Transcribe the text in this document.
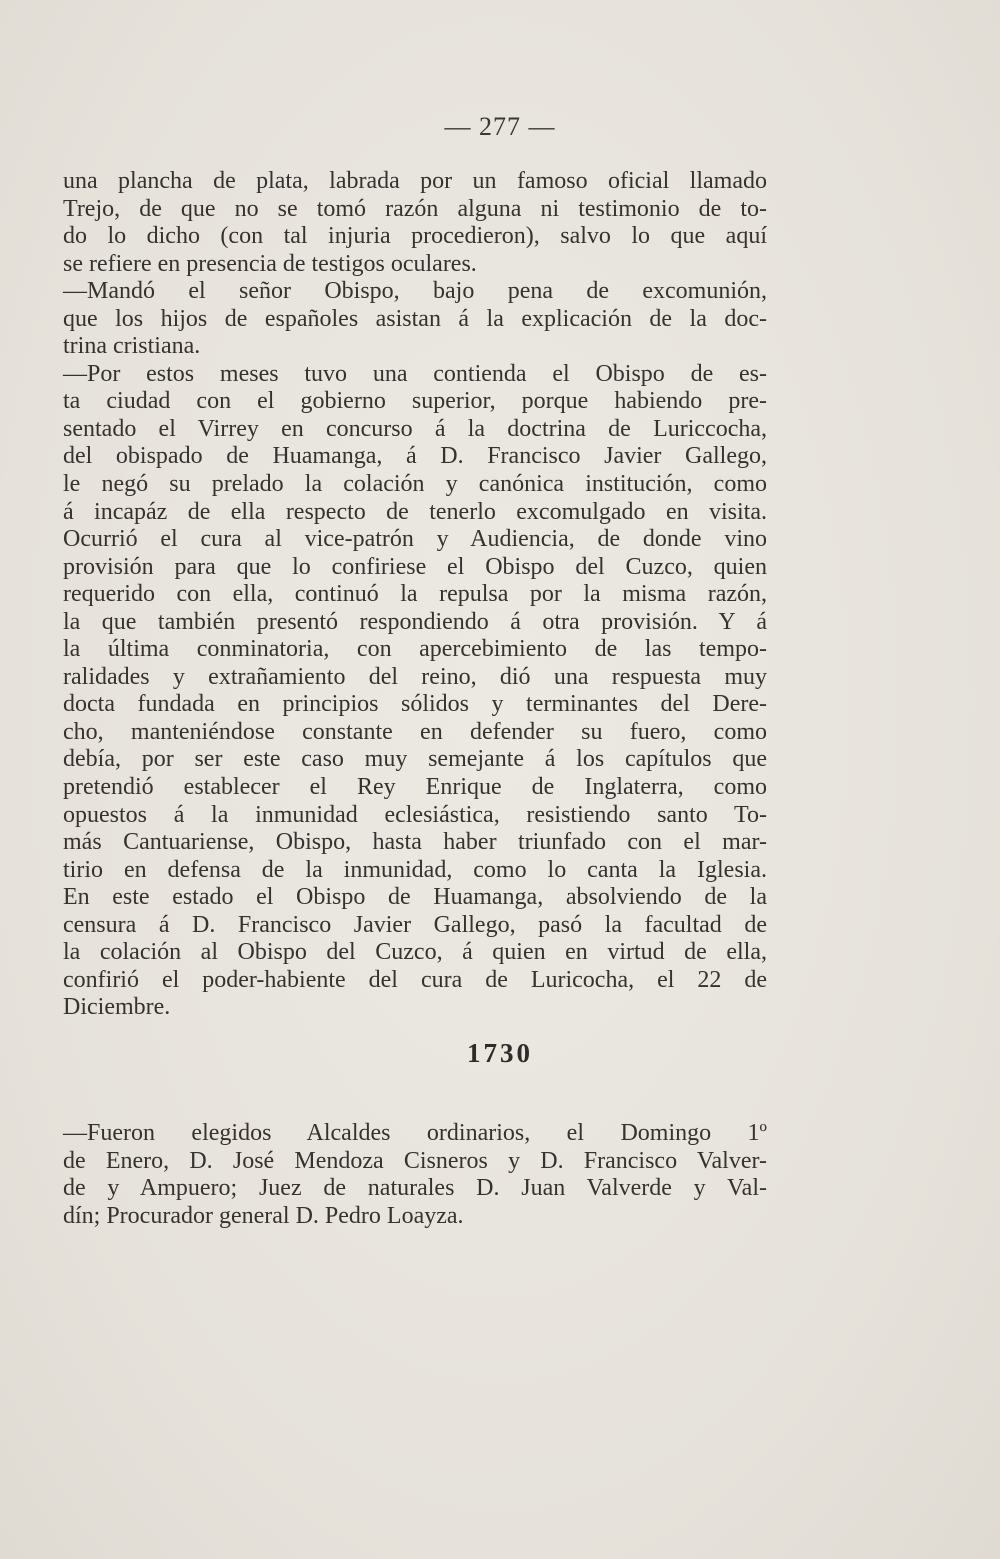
— 277 —
una plancha de plata, labrada por un famoso oficial llamado
Trejo, de que no se tomó razón alguna ni testimonio de to-
do lo dicho (con tal injuria procedieron), salvo lo que aquí
se refiere en presencia de testigos oculares.
—Mandó el señor Obispo, bajo pena de excomunión,
que los hijos de españoles asistan á la explicación de la doc-
trina cristiana.
—Por estos meses tuvo una contienda el Obispo de es-
ta ciudad con el gobierno superior, porque habiendo pre-
sentado el Virrey en concurso á la doctrina de Luriccocha,
del obispado de Huamanga, á D. Francisco Javier Gallego,
le negó su prelado la colación y canónica institución, como
á incapáz de ella respecto de tenerlo excomulgado en visita.
Ocurrió el cura al vice-patrón y Audiencia, de donde vino
provisión para que lo confiriese el Obispo del Cuzco, quien
requerido con ella, continuó la repulsa por la misma razón,
la que también presentó respondiendo á otra provisión. Y á
la última conminatoria, con apercebimiento de las tempo-
ralidades y extrañamiento del reino, dió una respuesta muy
docta fundada en principios sólidos y terminantes del Dere-
cho, manteniéndose constante en defender su fuero, como
debía, por ser este caso muy semejante á los capítulos que
pretendió establecer el Rey Enrique de Inglaterra, como
opuestos á la inmunidad eclesiástica, resistiendo santo To-
más Cantuariense, Obispo, hasta haber triunfado con el mar-
tirio en defensa de la inmunidad, como lo canta la Iglesia.
En este estado el Obispo de Huamanga, absolviendo de la
censura á D. Francisco Javier Gallego, pasó la facultad de
la colación al Obispo del Cuzco, á quien en virtud de ella,
confirió el poder-habiente del cura de Luricocha, el 22 de
Diciembre.
1730
—Fueron elegidos Alcaldes ordinarios, el Domingo 1º
de Enero, D. José Mendoza Cisneros y D. Francisco Valver-
de y Ampuero; Juez de naturales D. Juan Valverde y Val-
dín; Procurador general D. Pedro Loayza.
